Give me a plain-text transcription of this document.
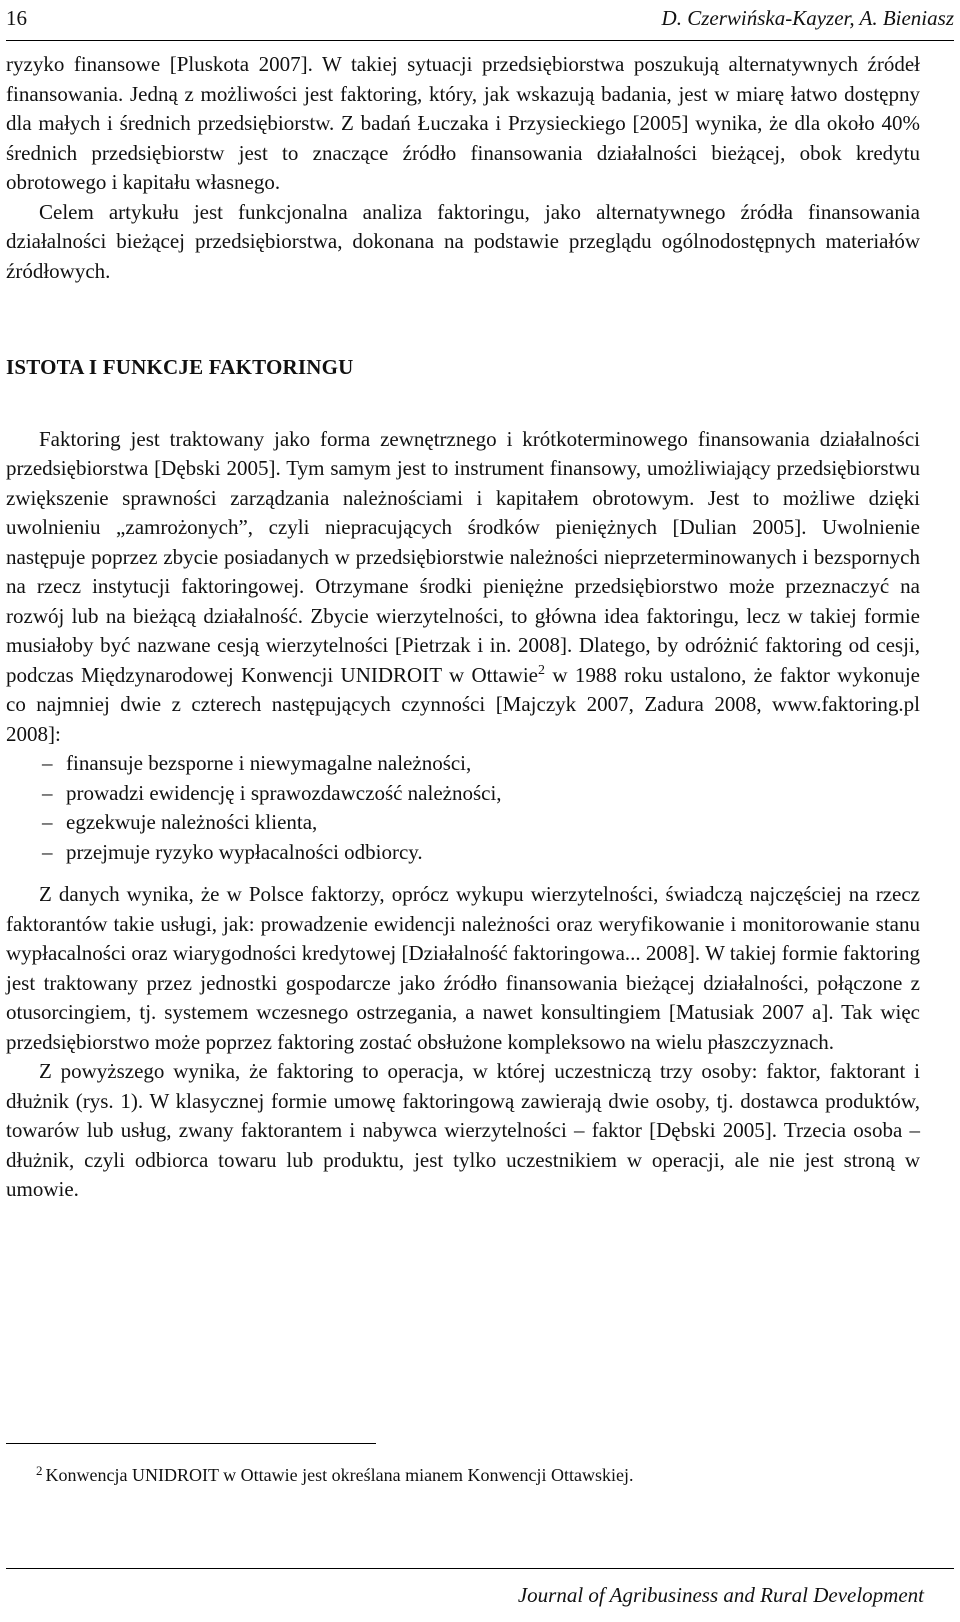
16	D. Czerwińska-Kayzer, A. Bieniasz

ryzyko finansowe [Pluskota 2007]. W takiej sytuacji przedsiębiorstwa poszukują alternatywnych źródeł finansowania. Jedną z możliwości jest faktoring, który, jak wskazują badania, jest w miarę łatwo dostępny dla małych i średnich przedsiębiorstw. Z badań Łuczaka i Przysieckiego [2005] wynika, że dla około 40% średnich przedsiębiorstw jest to znaczące źródło finansowania działalności bieżącej, obok kredytu obrotowego i kapitału własnego.

Celem artykułu jest funkcjonalna analiza faktoringu, jako alternatywnego źródła finansowania działalności bieżącej przedsiębiorstwa, dokonana na podstawie przeglądu ogólnodostępnych materiałów źródłowych.

ISTOTA I FUNKCJE FAKTORINGU

Faktoring jest traktowany jako forma zewnętrznego i krótkoterminowego finansowania działalności przedsiębiorstwa [Dębski 2005]. Tym samym jest to instrument finansowy, umożliwiający przedsiębiorstwu zwiększenie sprawności zarządzania należnościami i kapitałem obrotowym. Jest to możliwe dzięki uwolnieniu „zamrożonych”, czyli niepracujących środków pieniężnych [Dulian 2005]. Uwolnienie następuje poprzez zbycie posiadanych w przedsiębiorstwie należności nieprzeterminowanych i bezspornych na rzecz instytucji faktoringowej. Otrzymane środki pieniężne przedsiębiorstwo może przeznaczyć na rozwój lub na bieżącą działalność. Zbycie wierzytelności, to główna idea faktoringu, lecz w takiej formie musiałoby być nazwane cesją wierzytelności [Pietrzak i in. 2008]. Dlatego, by odróżnić faktoring od cesji, podczas Międzynarodowej Konwencji UNIDROIT w Ottawie$^2$ w 1988 roku ustalono, że faktor wykonuje co najmniej dwie z czterech następujących czynności [Majczyk 2007, Zadura 2008, www.faktoring.pl 2008]:

– finansuje bezsporne i niewymagalne należności,
– prowadzi ewidencję i sprawozdawczość należności,
– egzekwuje należności klienta,
– przejmuje ryzyko wypłacalności odbiorcy.

Z danych wynika, że w Polsce faktorzy, oprócz wykupu wierzytelności, świadczą najczęściej na rzecz faktorantów takie usługi, jak: prowadzenie ewidencji należności oraz weryfikowanie i monitorowanie stanu wypłacalności oraz wiarygodności kredytowej [Działalność faktoringowa... 2008]. W takiej formie faktoring jest traktowany przez jednostki gospodarcze jako źródło finansowania bieżącej działalności, połączone z otusorcingiem, tj. systemem wczesnego ostrzegania, a nawet konsultingiem [Matusiak 2007 a]. Tak więc przedsiębiorstwo może poprzez faktoring zostać obsłużone kompleksowo na wielu płaszczyznach.

Z powyższego wynika, że faktoring to operacja, w której uczestniczą trzy osoby: faktor, faktorant i dłużnik (rys. 1). W klasycznej formie umowę faktoringową zawierają dwie osoby, tj. dostawca produktów, towarów lub usług, zwany faktorantem i nabywca wierzytelności – faktor [Dębski 2005]. Trzecia osoba – dłużnik, czyli odbiorca towaru lub produktu, jest tylko uczestnikiem w operacji, ale nie jest stroną w umowie.

$^2$ Konwencja UNIDROIT w Ottawie jest określana mianem Konwencji Ottawskiej.
Journal of Agribusiness and Rural Development
